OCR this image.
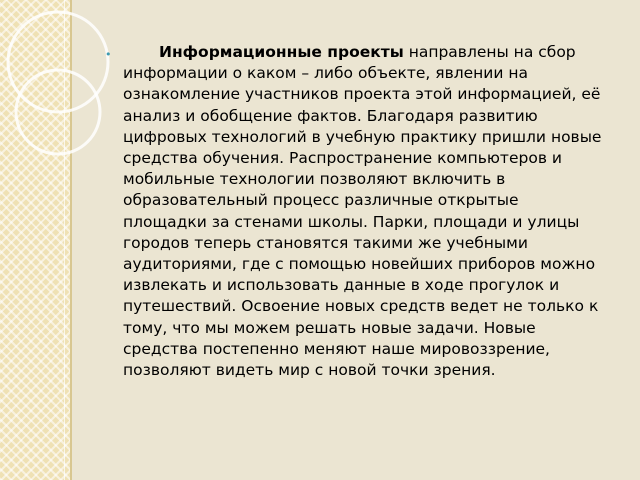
•	Информационные проекты направлены на сбор информации о каком – либо объекте, явлении на ознакомление участников проекта этой информацией, её анализ и обобщение фактов. Благодаря развитию цифровых технологий в учебную практику пришли новые средства обучения. Распространение компьютеров и мобильные технологии позволяют включить в образовательный процесс различные открытые площадки за стенами школы. Парки, площади и улицы городов теперь становятся такими же учебными аудиториями, где с помощью новейших приборов можно извлекать и использовать данные в ходе прогулок и путешествий. Освоение новых средств ведет не только к тому, что мы можем решать новые задачи. Новые средства постепенно меняют наше мировоззрение, позволяют видеть мир с новой точки зрения.
